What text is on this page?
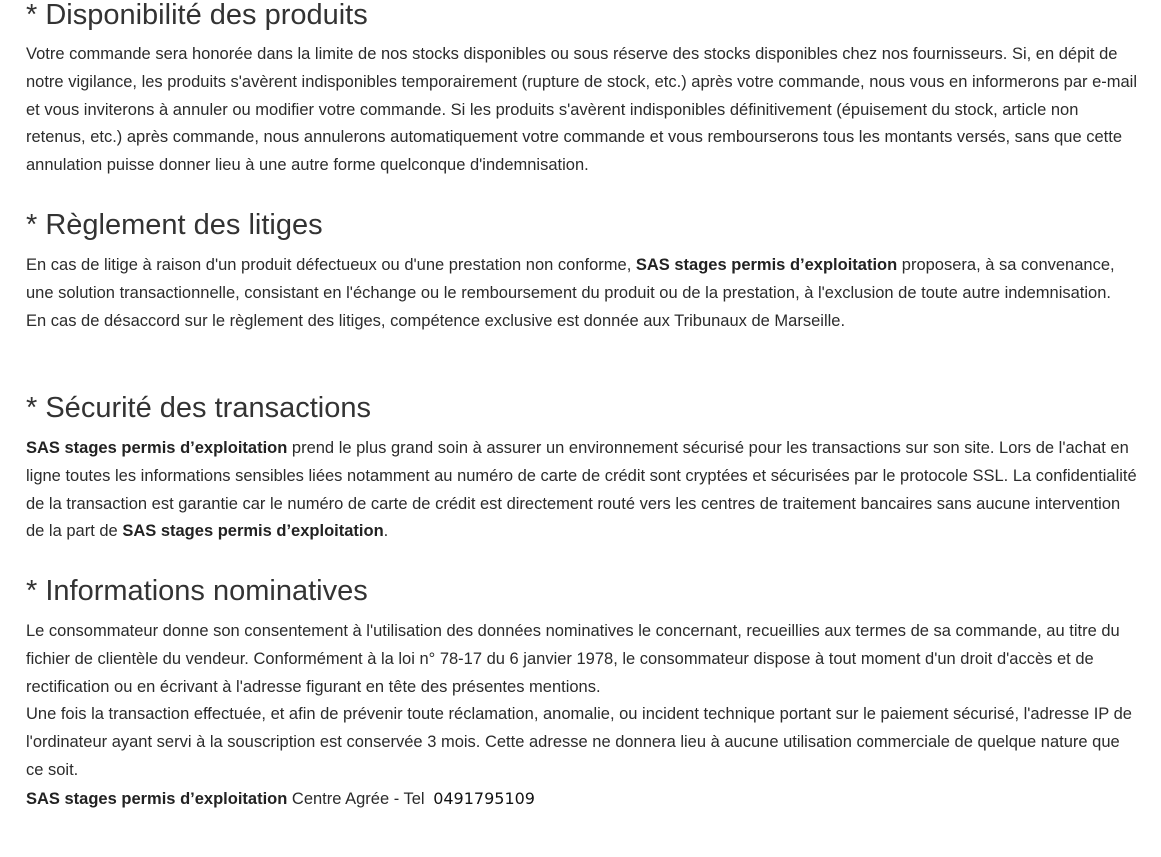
* Disponibilité des produits

Votre commande sera honorée dans la limite de nos stocks disponibles ou sous réserve des stocks disponibles chez nos fournisseurs. Si, en dépit de notre vigilance, les produits s'avèrent indisponibles temporairement (rupture de stock, etc.) après votre commande, nous vous en informerons par e-mail et vous inviterons à annuler ou modifier votre commande. Si les produits s'avèrent indisponibles définitivement (épuisement du stock, article non retenus, etc.) après commande, nous annulerons automatiquement votre commande et vous rembourserons tous les montants versés, sans que cette annulation puisse donner lieu à une autre forme quelconque d'indemnisation.

* Règlement des litiges

En cas de litige à raison d'un produit défectueux ou d'une prestation non conforme, SAS stages permis d’exploitation proposera, à sa convenance, une solution transactionnelle, consistant en l'échange ou le remboursement du produit ou de la prestation, à l'exclusion de toute autre indemnisation.

En cas de désaccord sur le règlement des litiges, compétence exclusive est donnée aux Tribunaux de Marseille.

* Sécurité des transactions

SAS stages permis d’exploitation prend le plus grand soin à assurer un environnement sécurisé pour les transactions sur son site. Lors de l'achat en ligne toutes les informations sensibles liées notamment au numéro de carte de crédit sont cryptées et sécurisées par le protocole SSL. La confidentialité de la transaction est garantie car le numéro de carte de crédit est directement routé vers les centres de traitement bancaires sans aucune intervention de la part de SAS stages permis d’exploitation.

* Informations nominatives

Le consommateur donne son consentement à l'utilisation des données nominatives le concernant, recueillies aux termes de sa commande, au titre du fichier de clientèle du vendeur. Conformément à la loi n° 78-17 du 6 janvier 1978, le consommateur dispose à tout moment d'un droit d'accès et de rectification ou en écrivant à l'adresse figurant en tête des présentes mentions.

Une fois la transaction effectuée, et afin de prévenir toute réclamation, anomalie, ou incident technique portant sur le paiement sécurisé, l'adresse IP de l'ordinateur ayant servi à la souscription est conservée 3 mois. Cette adresse ne donnera lieu à aucune utilisation commerciale de quelque nature que ce soit.

SAS stages permis d’exploitation Centre Agrée - Tel 0491795109
